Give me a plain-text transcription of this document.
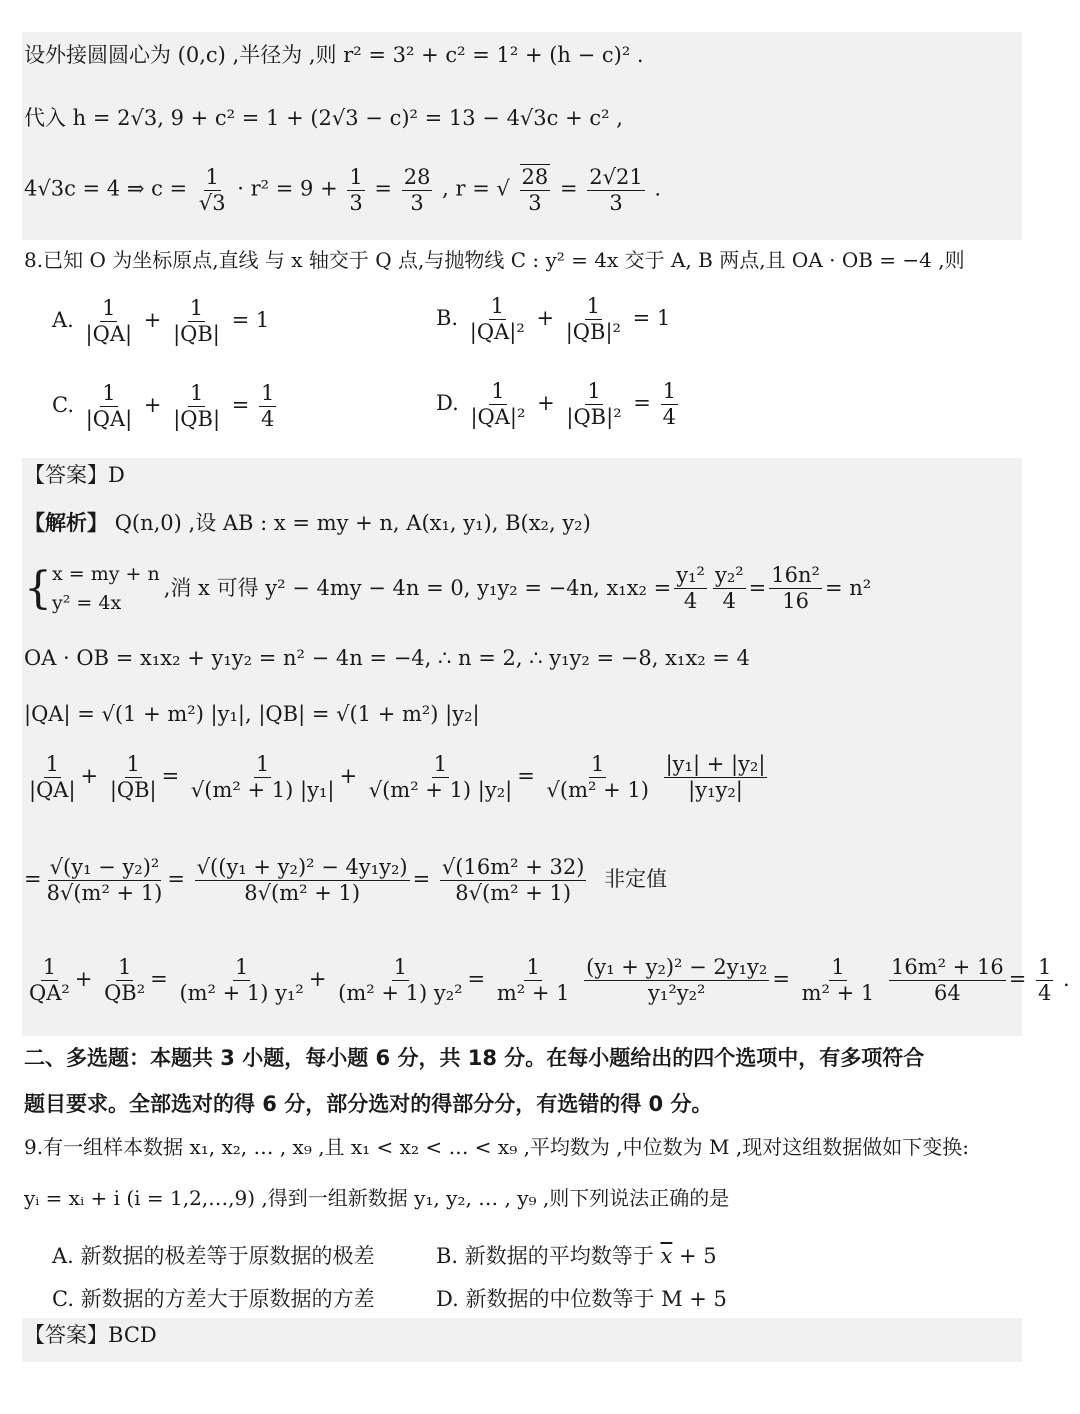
设外接圆圆心为 (0,c) ,半径为 ,则 r² = 3² + c² = 1² + (h − c)² .
代入 h = 2√3, 9 + c² = 1 + (2√3 − c)² = 13 − 4√3c + c² ,
4√3c = 4 ⇒ $c = \frac{1}{√3} \cdot r^2 = 9 + \frac{1}{3} = \frac{28}{3}$ , r = √ $\frac{28}{3} = \frac{2√21}{3}$ .
8.已知 O 为坐标原点,直线 与 x 轴交于 Q 点,与抛物线 C : y² = 4x 交于 A, B 两点,且 OA · OB = −4 ,则
A. $\frac{1}{|QA|} + \frac{1}{|QB|} = 1$	B. $\frac{1}{\text{|QA|²}} + \frac{1}{\text{|QB|²}} = 1$
C. $\frac{1}{|QA|} + \frac{1}{|QB|} = \frac{1}{4}$	D. $\frac{1}{\text{|QA|²}} + \frac{1}{\text{|QB|²}} = \frac{1}{4}$
【答案】D
【解析】 Q(n,0) ,设 AB : x = my + n, A(x₁, y₁), B(x₂, y₂)
{ x = my + n
y² = 4x
,消 x 可得 y² − 4my − 4n = 0, y₁y₂ = −4n, $x_1x_2 = \frac{\text{y₁²}}{4} \frac{\text{y₂²}}{4} = \frac{\text{16n²}}{16} = n^2$
OA · OB = x₁x₂ + y₁y₂ = n² − 4n = −4, ∴ n = 2, ∴ y₁y₂ = −8, x₁x₂ = 4
|QA| = √(1 + m²) |y₁|, |QB| = √(1 + m²) |y₂|
$\frac{1}{|QA|} + \frac{1}{|QB|} = \frac{1}{\text{√(m² + 1) |y₁|}} + \frac{1}{\text{√(m² + 1) |y₂|}} = \frac{1}{\text{√(m² + 1)}}$
$\frac{\text{|y₁| + |y₂|}}{\text{|y₁y₂|}}$
= $\frac{\text{√(y₁ − y₂)²}}{\text{8√(m² + 1)}} = \frac{\text{√((y₁ + y₂)² − 4y₁y₂)}}{\text{8√(m² + 1)}} = \frac{\text{√(16m² + 32)}}{\text{8√(m² + 1)}}$ 非定值
$\frac{1}{\text{QA²}} + \frac{1}{\text{QB²}} = \frac{1}{\text{(m² + 1) y₁²}} + \frac{1}{\text{(m² + 1) y₂²}} = \frac{1}{\text{m² + 1}}$
$\frac{\text{(y₁ + y₂)² − 2y₁y₂}}{\text{y₁²y₂²}} = \frac{1}{\text{m² + 1}}$
$\frac{\text{16m² + 16}}{64} = \frac{1}{4}$ .
二、多选题：本题共 3 小题，每小题 6 分，共 18 分。在每小题给出的四个选项中，有多项符合
题目要求。全部选对的得 6 分，部分选对的得部分分，有选错的得 0 分。
9.有一组样本数据 x₁, x₂, … , x₉ ,且 x₁ < x₂ < … < x₉ ,平均数为 ,中位数为 M ,现对这组数据做如下变换:
yᵢ = xᵢ + i (i = 1,2,…,9) ,得到一组新数据 y₁, y₂, … , y₉ ,则下列说法正确的是
A. 新数据的极差等于原数据的极差	B. 新数据的平均数等于 $\overline{x} + 5$
C. 新数据的方差大于原数据的方差	D. 新数据的中位数等于 M + 5
【答案】BCD
